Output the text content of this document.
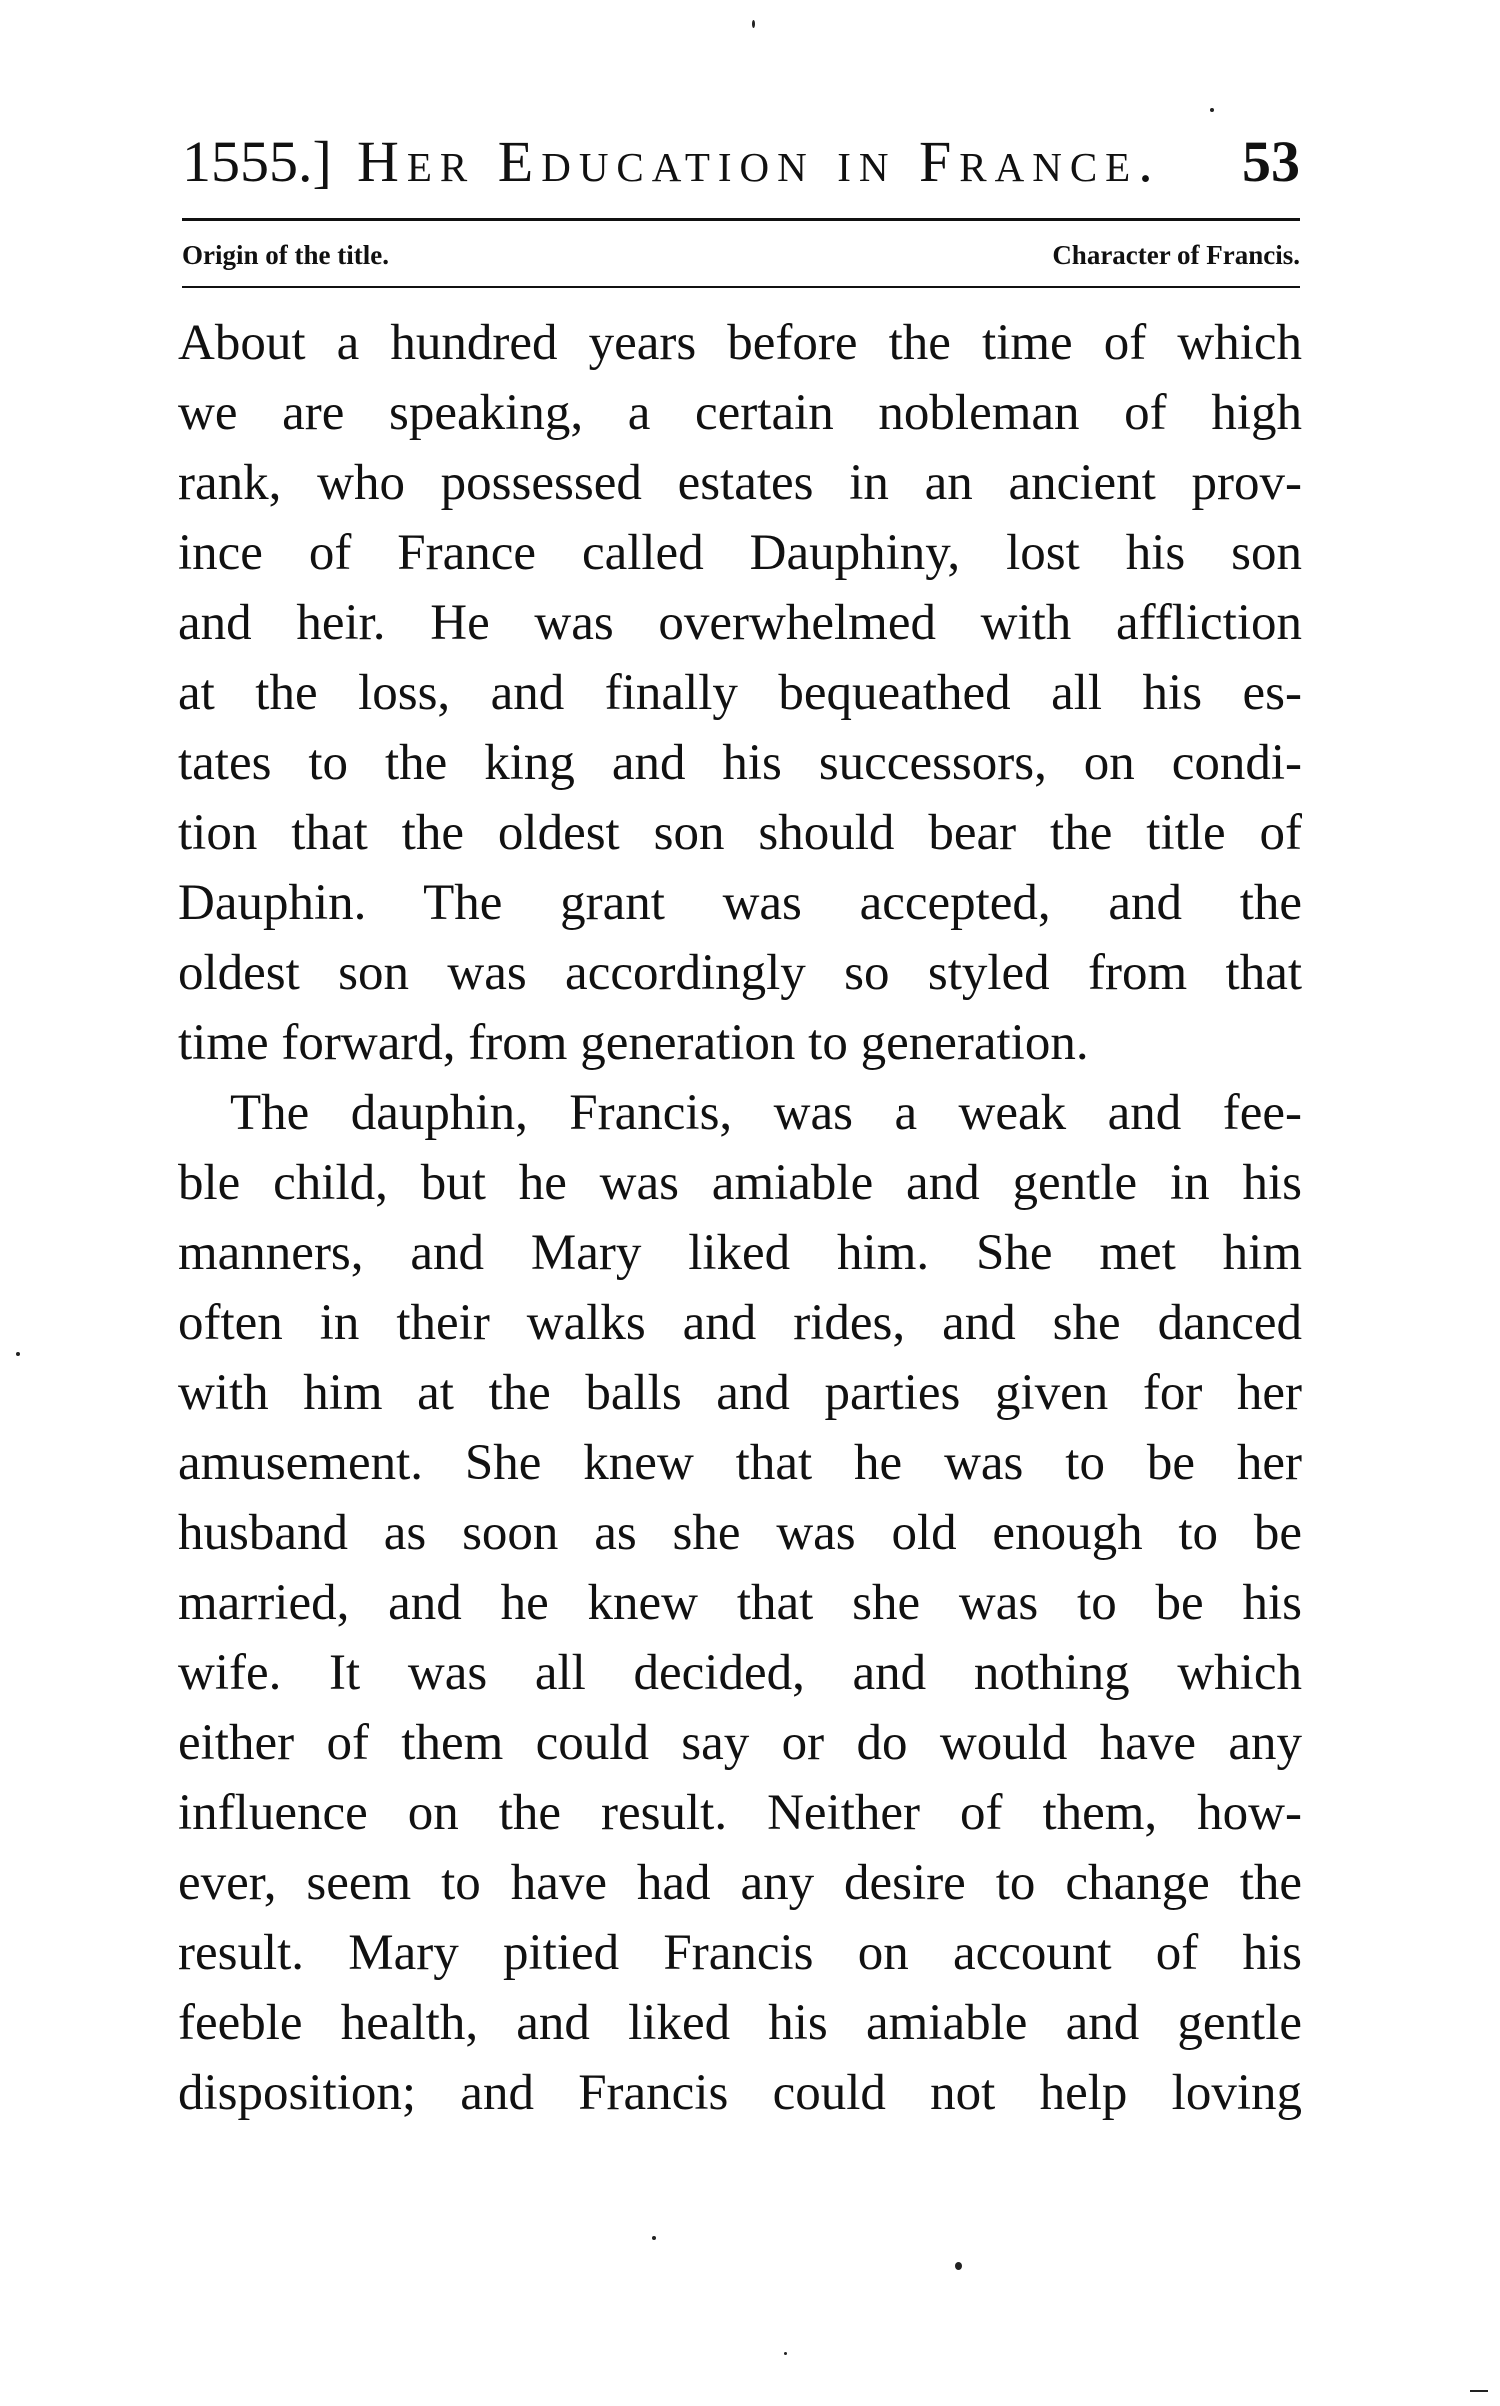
1555.] Her Education in France. 53
Origin of the title.	Character of Francis.
About a hundred years before the time of which
we are speaking, a certain nobleman of high
rank, who possessed estates in an ancient prov-
ince of France called Dauphiny, lost his son
and heir. He was overwhelmed with affliction
at the loss, and finally bequeathed all his es-
tates to the king and his successors, on condi-
tion that the oldest son should bear the title of
Dauphin. The grant was accepted, and the
oldest son was accordingly so styled from that
time forward, from generation to generation.
The dauphin, Francis, was a weak and fee-
ble child, but he was amiable and gentle in his
manners, and Mary liked him. She met him
often in their walks and rides, and she danced
with him at the balls and parties given for her
amusement. She knew that he was to be her
husband as soon as she was old enough to be
married, and he knew that she was to be his
wife. It was all decided, and nothing which
either of them could say or do would have any
influence on the result. Neither of them, how-
ever, seem to have had any desire to change the
result. Mary pitied Francis on account of his
feeble health, and liked his amiable and gentle
disposition; and Francis could not help loving
